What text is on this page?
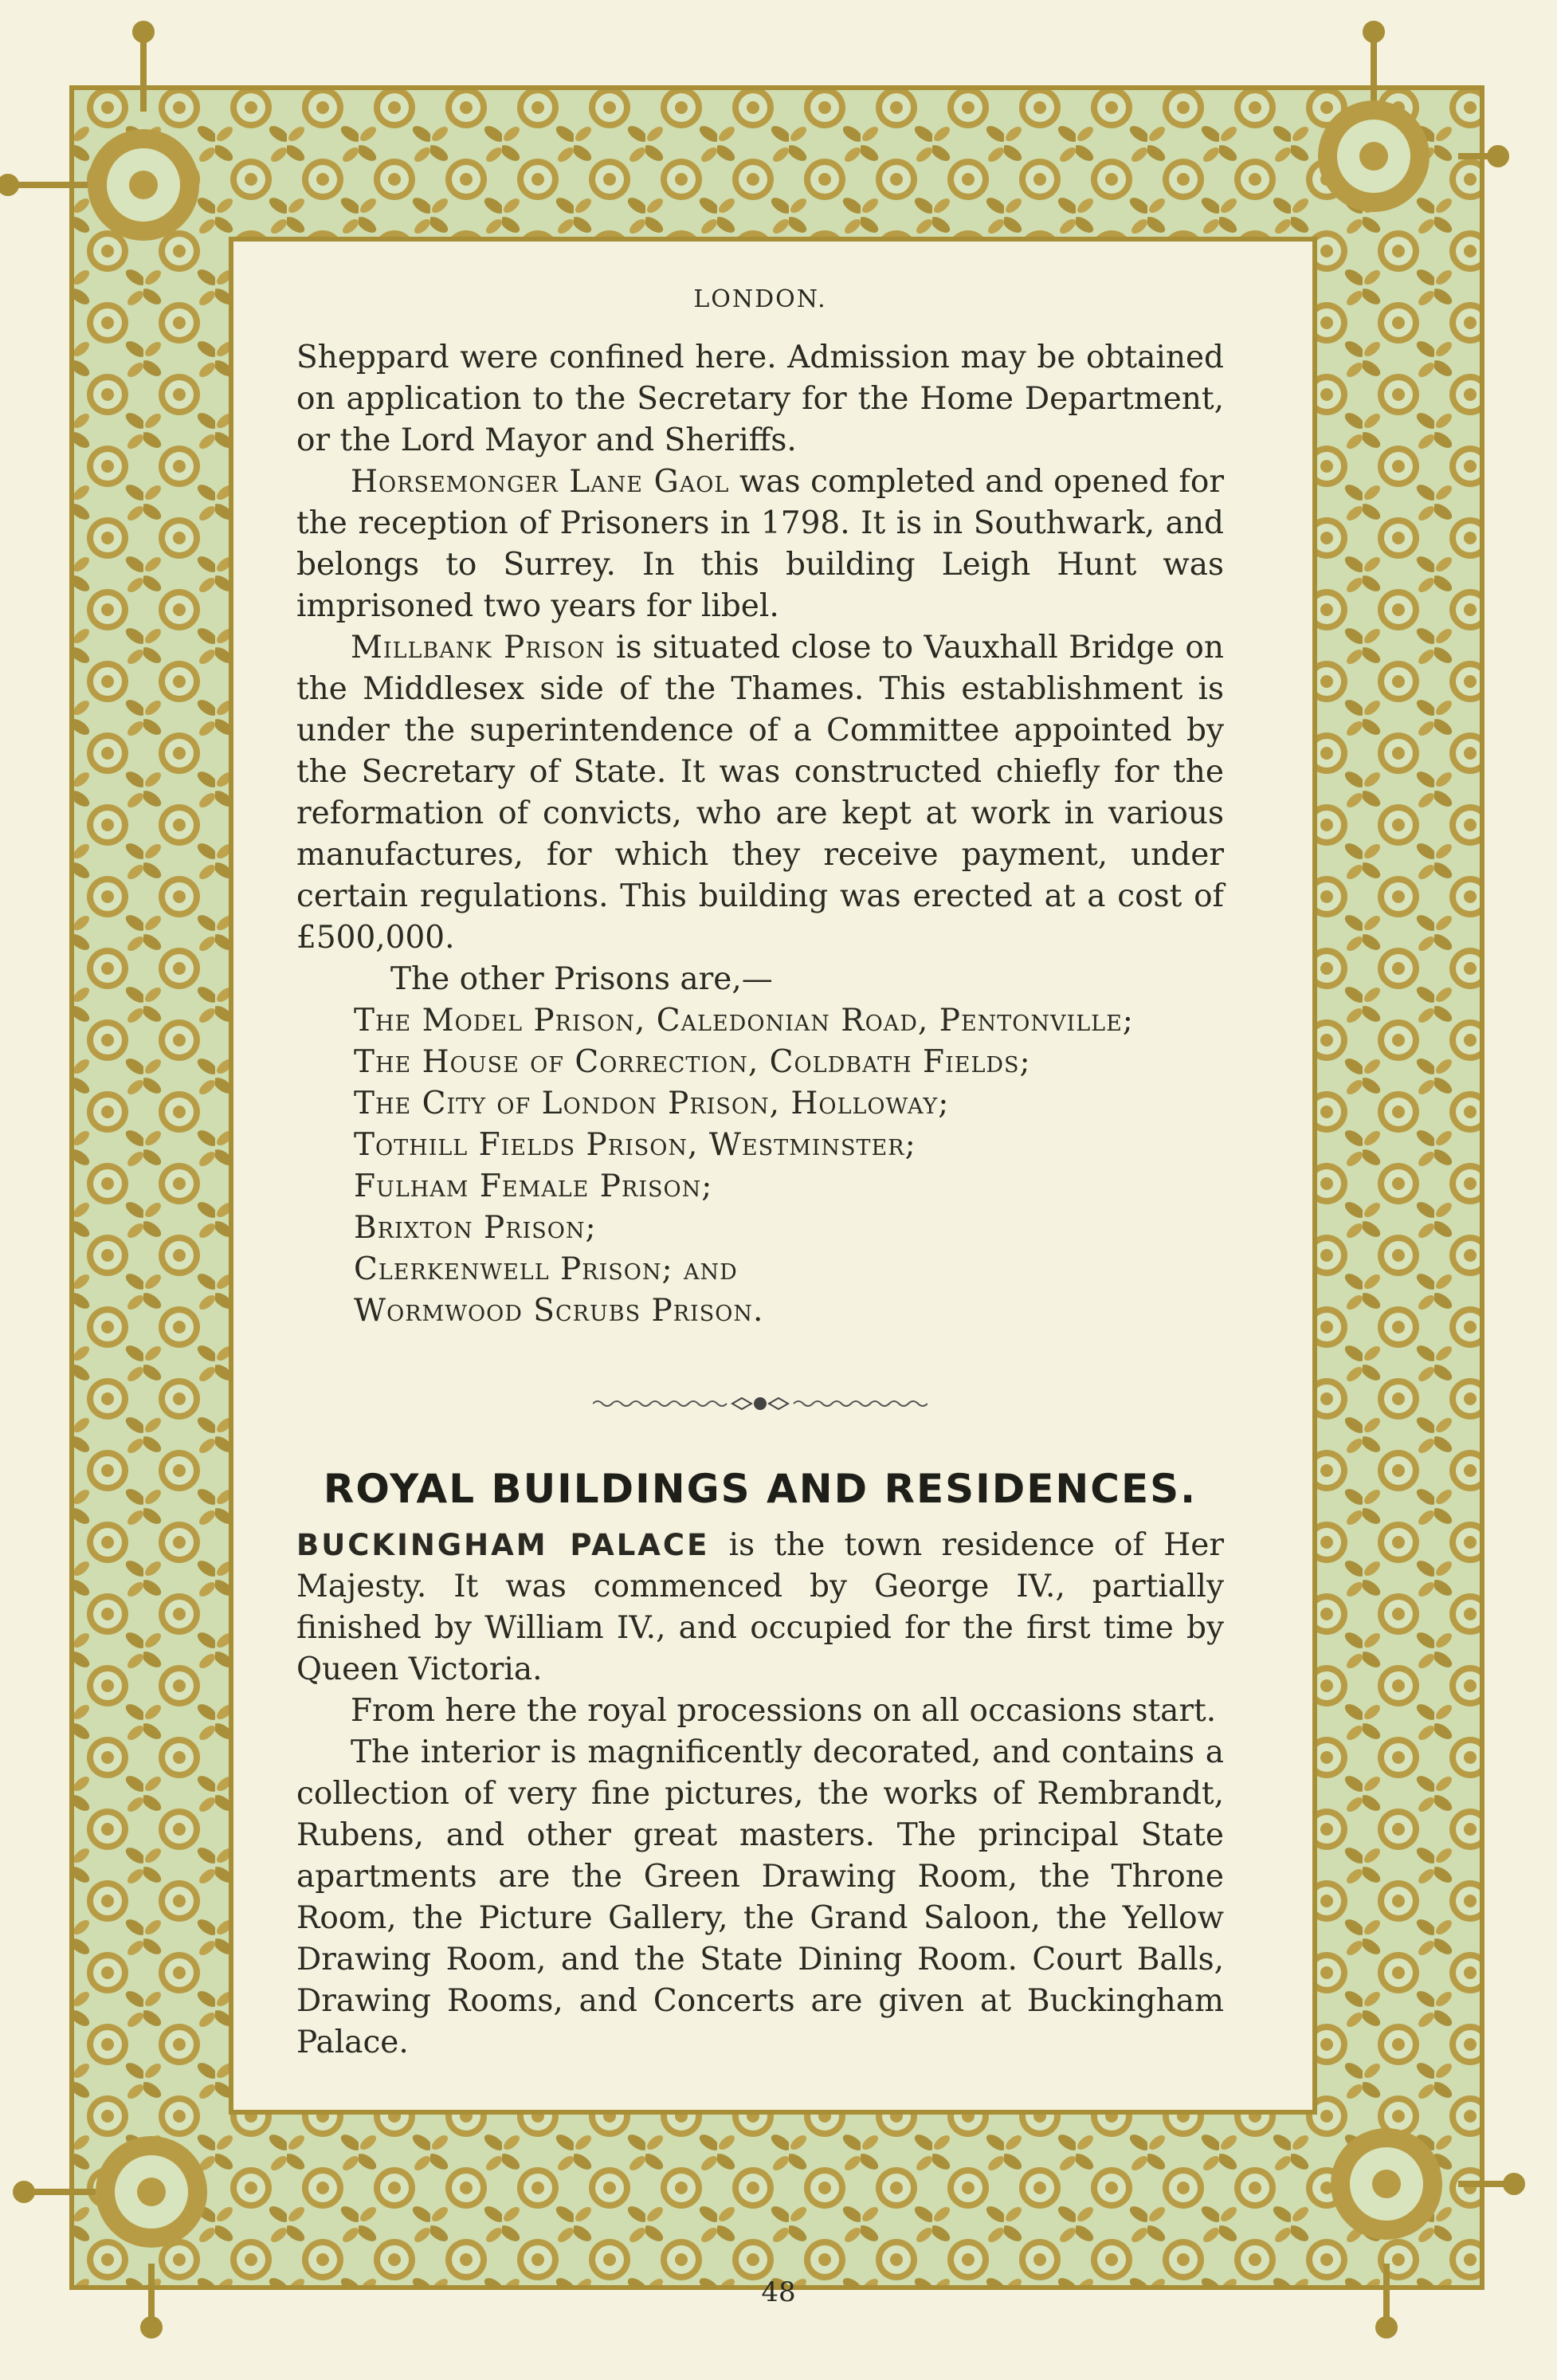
LONDON.

Sheppard were confined here. Admission may be obtained on application to the Secretary for the Home Department, or the Lord Mayor and Sheriffs.

Horsemonger Lane Gaol was completed and opened for the reception of Prisoners in 1798. It is in Southwark, and belongs to Surrey. In this building Leigh Hunt was imprisoned two years for libel.

Millbank Prison is situated close to Vauxhall Bridge on the Middlesex side of the Thames. This establishment is under the superintendence of a Committee appointed by the Secretary of State. It was constructed chiefly for the reformation of convicts, who are kept at work in various manufactures, for which they receive payment, under certain regulations. This building was erected at a cost of £500,000.

The other Prisons are,—

The Model Prison, Caledonian Road, Pentonville;
The House of Correction, Coldbath Fields;
The City of London Prison, Holloway;
Tothill Fields Prison, Westminster;
Fulham Female Prison;
Brixton Prison;
Clerkenwell Prison; and
Wormwood Scrubs Prison.
ROYAL BUILDINGS AND RESIDENCES.

BUCKINGHAM PALACE is the town residence of Her Majesty. It was commenced by George IV., partially finished by William IV., and occupied for the first time by Queen Victoria.

From here the royal processions on all occasions start.

The interior is magnificently decorated, and contains a collection of very fine pictures, the works of Rembrandt, Rubens, and other great masters. The principal State apartments are the Green Drawing Room, the Throne Room, the Picture Gallery, the Grand Saloon, the Yellow Drawing Room, and the State Dining Room. Court Balls, Drawing Rooms, and Concerts are given at Buckingham Palace.

48
